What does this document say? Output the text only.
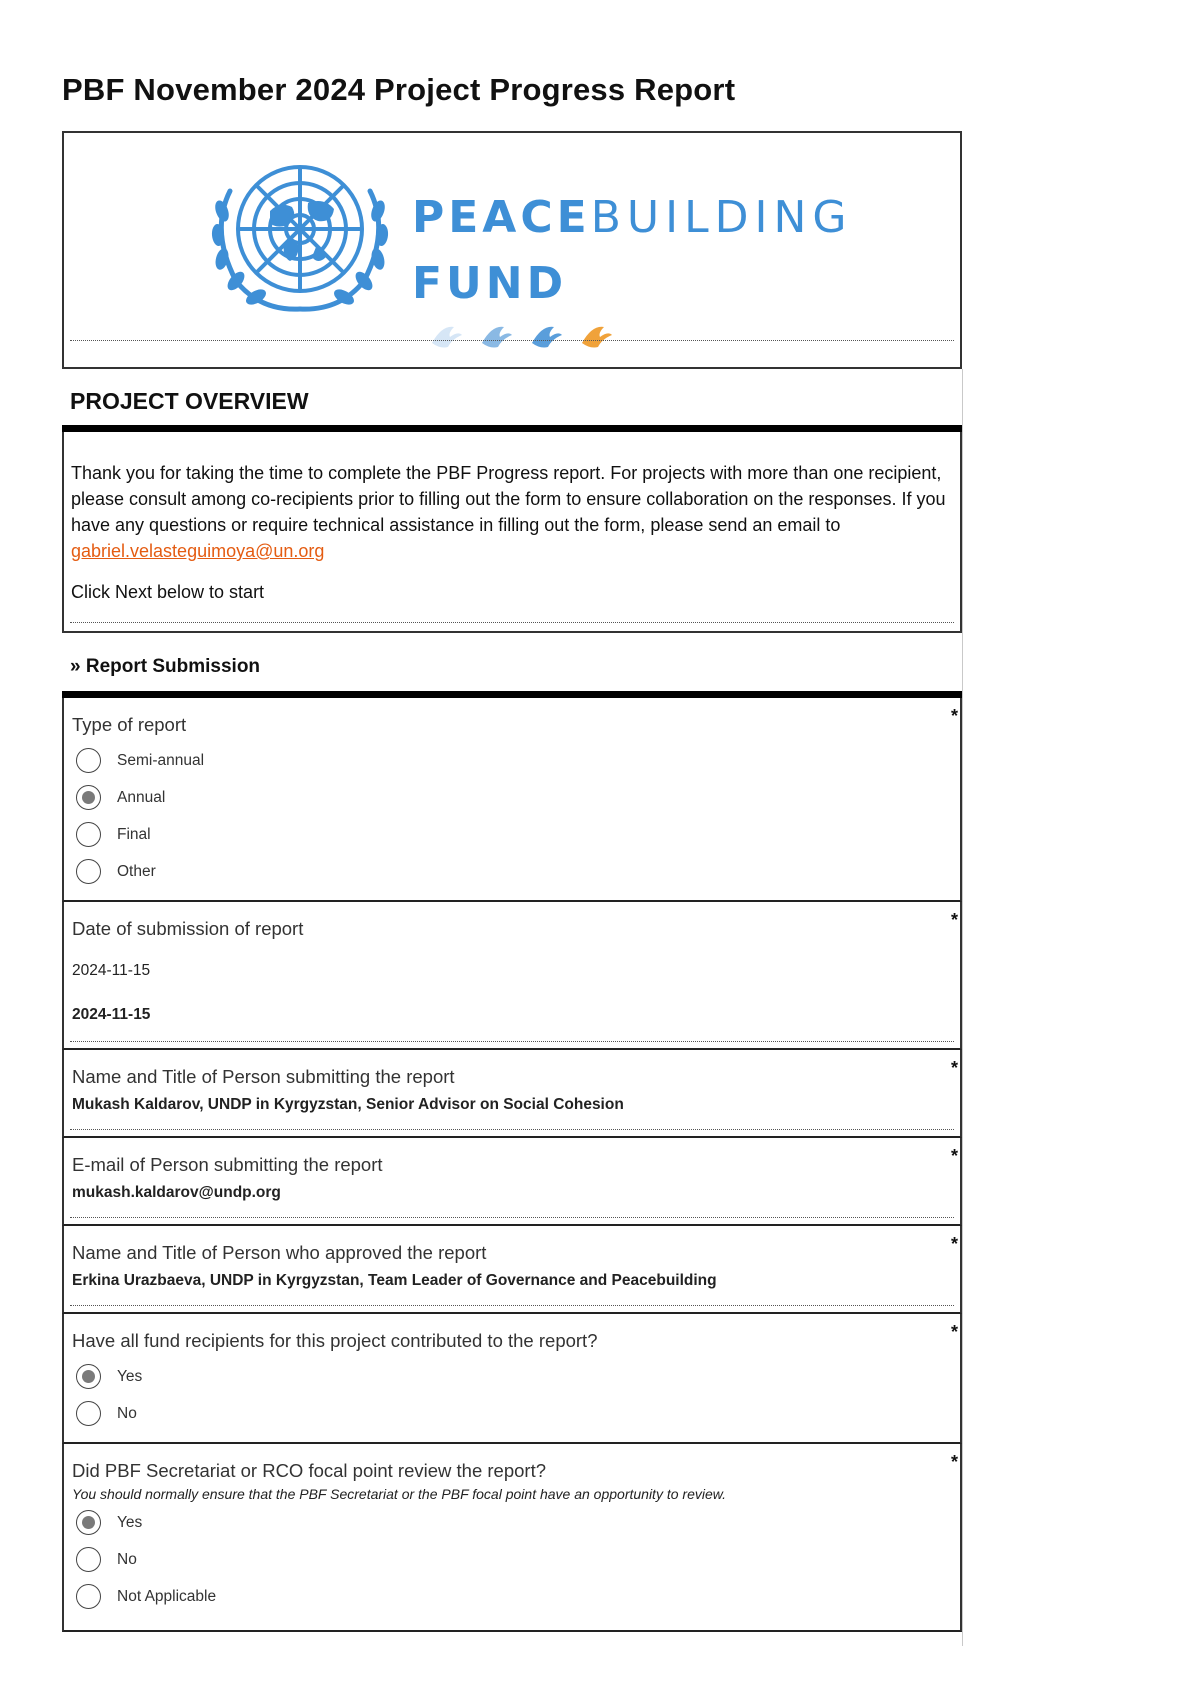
PBF November 2024 Project Progress Report
PEACEBUILDING
FUND
PROJECT OVERVIEW
Thank you for taking the time to complete the PBF Progress report. For projects with more than one recipient, please consult among co-recipients prior to filling out the form to ensure collaboration on the responses. If you have any questions or require technical assistance in filling out the form, please send an email to gabriel.velasteguimoya@un.org
Click Next below to start
» Report Submission
*
Type of report
Semi-annual
Annual
Final
Other
*
Date of submission of report
2024-11-15
2024-11-15
*
Name and Title of Person submitting the report
Mukash Kaldarov, UNDP in Kyrgyzstan, Senior Advisor on Social Cohesion
*
E-mail of Person submitting the report
mukash.kaldarov@undp.org
*
Name and Title of Person who approved the report
Erkina Urazbaeva, UNDP in Kyrgyzstan, Team Leader of Governance and Peacebuilding
*
Have all fund recipients for this project contributed to the report?
Yes
No
*
Did PBF Secretariat or RCO focal point review the report?
You should normally ensure that the PBF Secretariat or the PBF focal point have an opportunity to review.
Yes
No
Not Applicable
